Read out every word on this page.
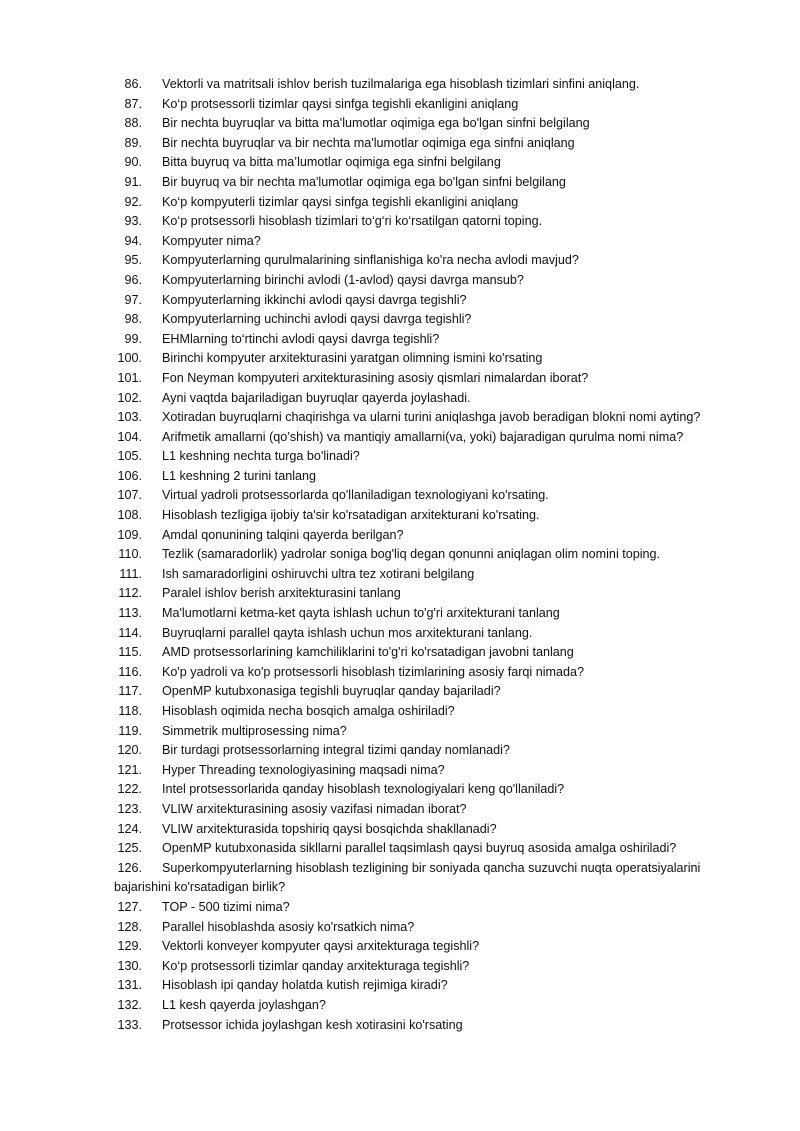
86.	Vektorli va matritsali ishlov berish tuzilmalariga ega hisoblash tizimlari sinfini aniqlang.
87.	Ko‘p protsessorli tizimlar qaysi sinfga tegishli ekanligini aniqlang
88.	Bir nechta buyruqlar va bitta ma'lumotlar oqimiga ega bo'lgan sinfni belgilang
89.	Bir nechta buyruqlar va bir nechta ma'lumotlar oqimiga ega sinfni aniqlang
90.	Bitta buyruq va bitta ma’lumotlar oqimiga ega sinfni belgilang
91.	Bir buyruq va bir nechta ma'lumotlar oqimiga ega bo'lgan sinfni belgilang
92.	Ko‘p kompyuterli tizimlar qaysi sinfga tegishli ekanligini aniqlang
93.	Ko‘p protsessorli hisoblash tizimlari to‘g‘ri ko‘rsatilgan qatorni toping.
94.	Kompyuter nima?
95.	Kompyuterlarning qurulmalarining sinflanishiga ko'ra necha avlodi mavjud?
96.	Kompyuterlarning birinchi avlodi (1-avlod) qaysi davrga mansub?
97.	Kompyuterlarning ikkinchi avlodi qaysi davrga tegishli?
98.	Kompyuterlarning uchinchi avlodi qaysi davrga tegishli?
99.	EHMlarning to‘rtinchi avlodi qaysi davrga tegishli?
100.	Birinchi kompyuter arxitekturasini yaratgan olimning ismini ko'rsating
101.	Fon Neyman kompyuteri arxitekturasining asosiy qismlari nimalardan iborat?
102.	Ayni vaqtda bajariladigan buyruqlar qayerda joylashadi.
103.	Xotiradan buyruqlarni chaqirishga va ularni turini aniqlashga javob beradigan blokni nomi ayting?
104.	Arifmetik amallarni (qo’shish) va mantiqiy amallarni(va, yoki) bajaradigan qurulma nomi nima?
105.	L1 keshning nechta turga bo'linadi?
106.	L1 keshning 2 turini tanlang
107.	Virtual yadroli protsessorlarda qo'llaniladigan texnologiyani ko'rsating.
108.	Hisoblash tezligiga ijobiy ta'sir ko'rsatadigan arxitekturani ko'rsating.
109.	Amdal qonunining talqini qayerda berilgan?
110.	Tezlik (samaradorlik) yadrolar soniga bog'liq degan qonunni aniqlagan olim nomini toping.
111.	Ish samaradorligini oshiruvchi ultra tez xotirani belgilang
112.	Paralel ishlov berish arxitekturasini tanlang
113.	Ma'lumotlarni ketma-ket qayta ishlash uchun to'g'ri arxitekturani tanlang
114.	Buyruqlarni parallel qayta ishlash uchun mos arxitekturani tanlang.
115.	AMD protsessorlarining kamchiliklarini to'g'ri ko'rsatadigan javobni tanlang
116.	Ko'p yadroli va ko'p protsessorli hisoblash tizimlarining asosiy farqi nimada?
117.	OpenMP kutubxonasiga tegishli buyruqlar qanday bajariladi?
118.	Hisoblash oqimida necha bosqich amalga oshiriladi?
119.	Simmetrik multiprosessing nima?
120.	Bir turdagi protsessorlarning integral tizimi qanday nomlanadi?
121.	Hyper Threading texnologiyasining maqsadi nima?
122.	Intel protsessorlarida qanday hisoblash texnologiyalari keng qo'llaniladi?
123.	VLIW arxitekturasining asosiy vazifasi nimadan iborat?
124.	VLIW arxitekturasida topshiriq qaysi bosqichda shakllanadi?
125.	OpenMP kutubxonasida sikllarni parallel taqsimlash qaysi buyruq asosida amalga oshiriladi?
126.	Superkompyuterlarning hisoblash tezligining bir soniyada qancha suzuvchi nuqta operatsiyalarini bajarishini ko'rsatadigan birlik?
127.	TOP - 500 tizimi nima?
128.	Parallel hisoblashda asosiy ko'rsatkich nima?
129.	Vektorli konveyer kompyuter qaysi arxitekturaga tegishli?
130.	Ko‘p protsessorli tizimlar qanday arxitekturaga tegishli?
131.	Hisoblash ipi qanday holatda kutish rejimiga kiradi?
132.	L1 kesh qayerda joylashgan?
133.	Protsessor ichida joylashgan kesh xotirasini ko'rsating
